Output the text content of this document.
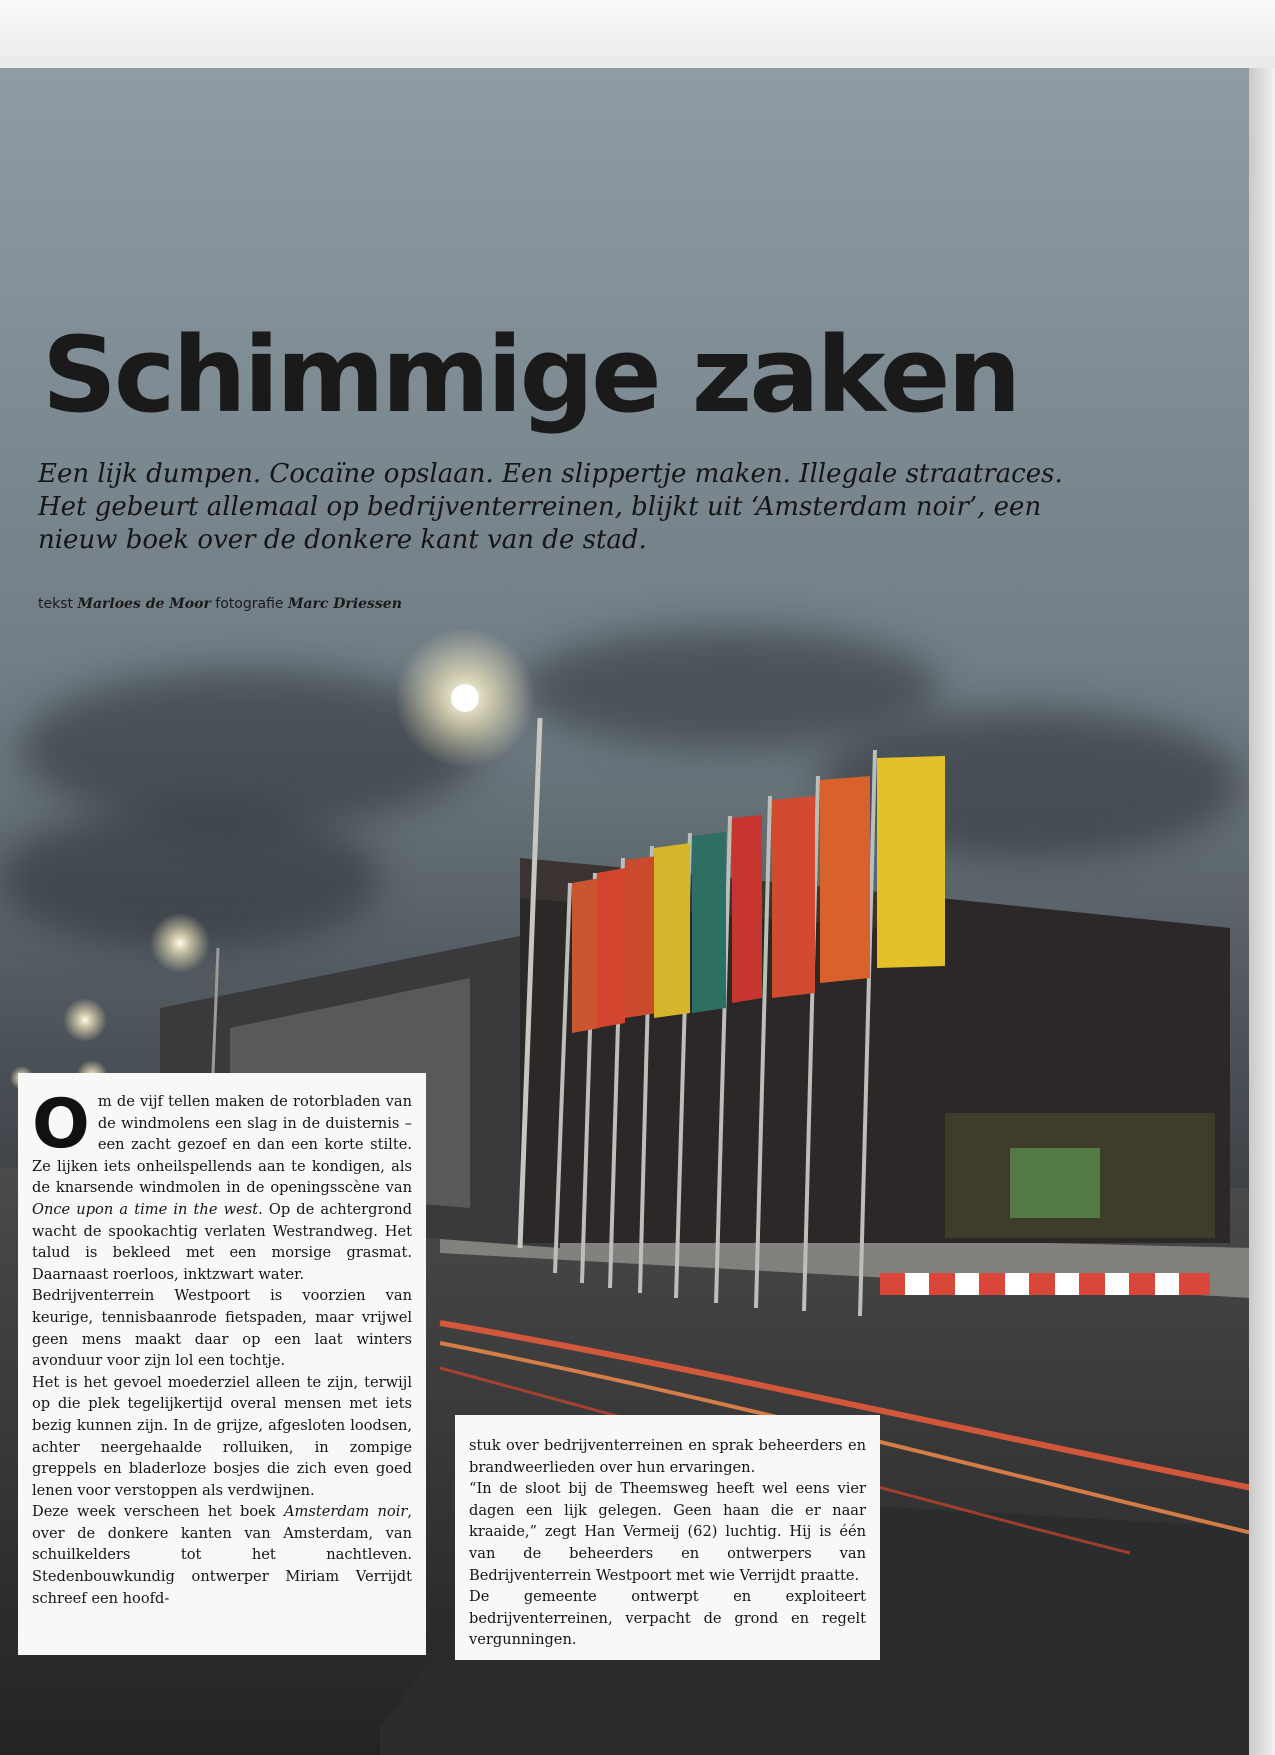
Schimmige zaken

Een lijk dumpen. Cocaïne opslaan. Een slippertje maken. Illegale straatraces. Het gebeurt allemaal op bedrijventerreinen, blijkt uit ‘Amsterdam noir’, een nieuw boek over de donkere kant van de stad.

tekst Marloes de Moor fotografie Marc Driessen

Om de vijf tellen maken de rotorbladen van de windmolens een slag in de duisternis – een zacht gezoef en dan een korte stilte. Ze lijken iets onheilspellends aan te kondigen, als de knarsende windmolen in de openingsscène van Once upon a time in the west. Op de achtergrond wacht de spookachtig verlaten Westrandweg. Het talud is bekleed met een morsige grasmat. Daarnaast roerloos, inktzwart water.

Bedrijventerrein Westpoort is voorzien van keurige, tennisbaanrode fietspaden, maar vrijwel geen mens maakt daar op een laat winters avonduur voor zijn lol een tochtje.

Het is het gevoel moederziel alleen te zijn, terwijl op die plek tegelijkertijd overal mensen met iets bezig kunnen zijn. In de grijze, afgesloten loodsen, achter neergehaalde rolluiken, in zompige greppels en bladerloze bosjes die zich even goed lenen voor verstoppen als verdwijnen.

Deze week verscheen het boek Amsterdam noir, over de donkere kanten van Amsterdam, van schuilkelders tot het nachtleven. Stedenbouwkundig ontwerper Miriam Verrijdt schreef een hoofd-

stuk over bedrijventerreinen en sprak beheerders en brandweerlieden over hun ervaringen.

“In de sloot bij de Theemsweg heeft wel eens vier dagen een lijk gelegen. Geen haan die er naar kraaide,” zegt Han Vermeij (62) luchtig. Hij is één van de beheerders en ontwerpers van Bedrijventerrein Westpoort met wie Verrijdt praatte.

De gemeente ontwerpt en exploiteert bedrijventerreinen, verpacht de grond en regelt vergunningen.
